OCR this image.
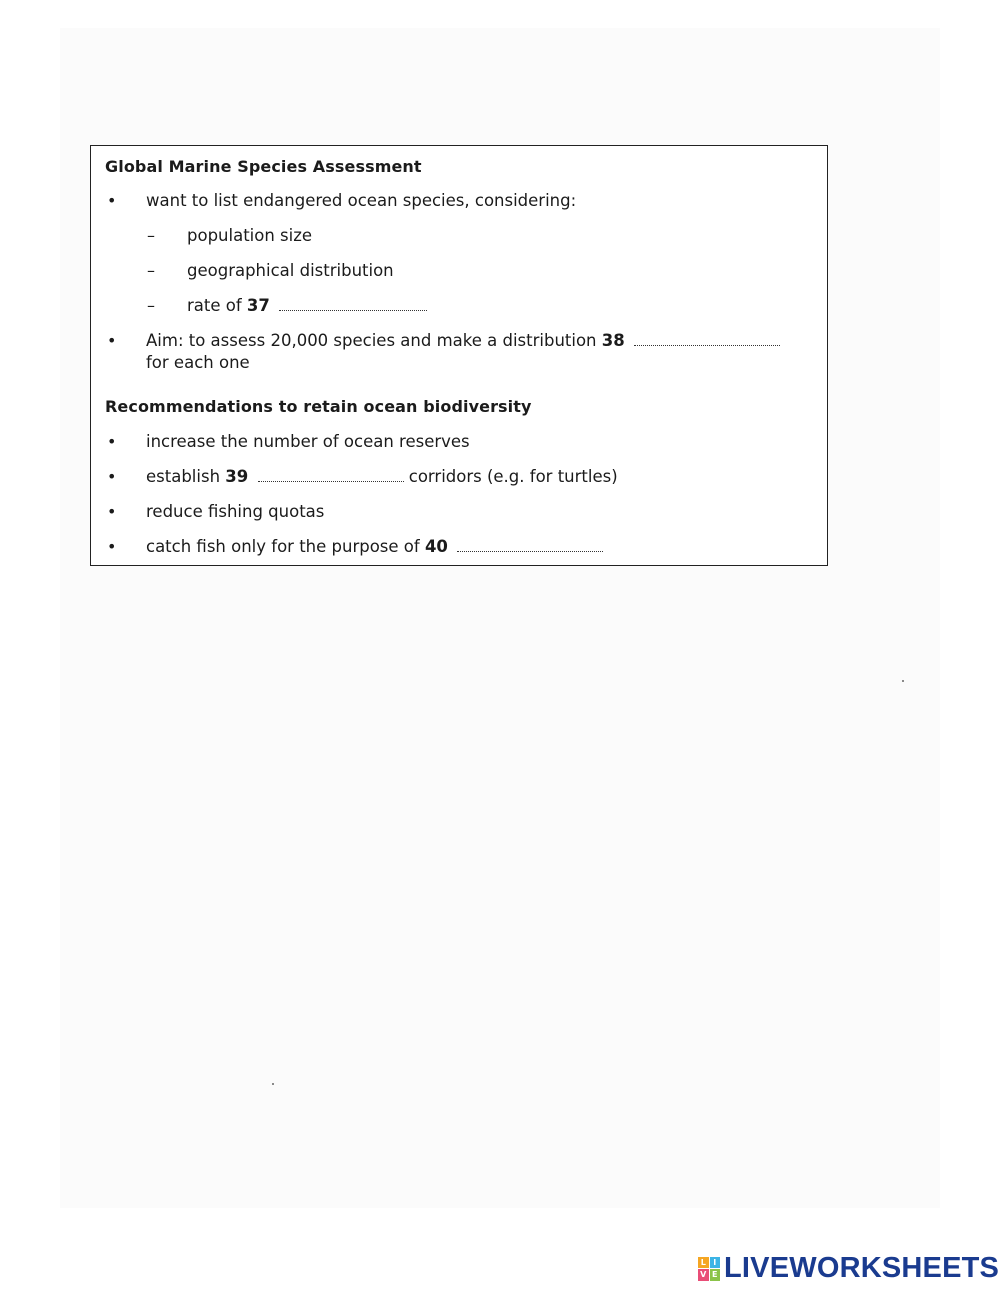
Global Marine Species Assessment
• want to list endangered ocean species, considering:
– population size
– geographical distribution
– rate of 37
• Aim: to assess 20,000 species and make a distribution 38
for each one
Recommendations to retain ocean biodiversity
• increase the number of ocean reserves
• establish 39	corridors (e.g. for turtles)
• reduce fishing quotas
• catch fish only for the purpose of 40
L I
V E LIVEWORKSHEETS
